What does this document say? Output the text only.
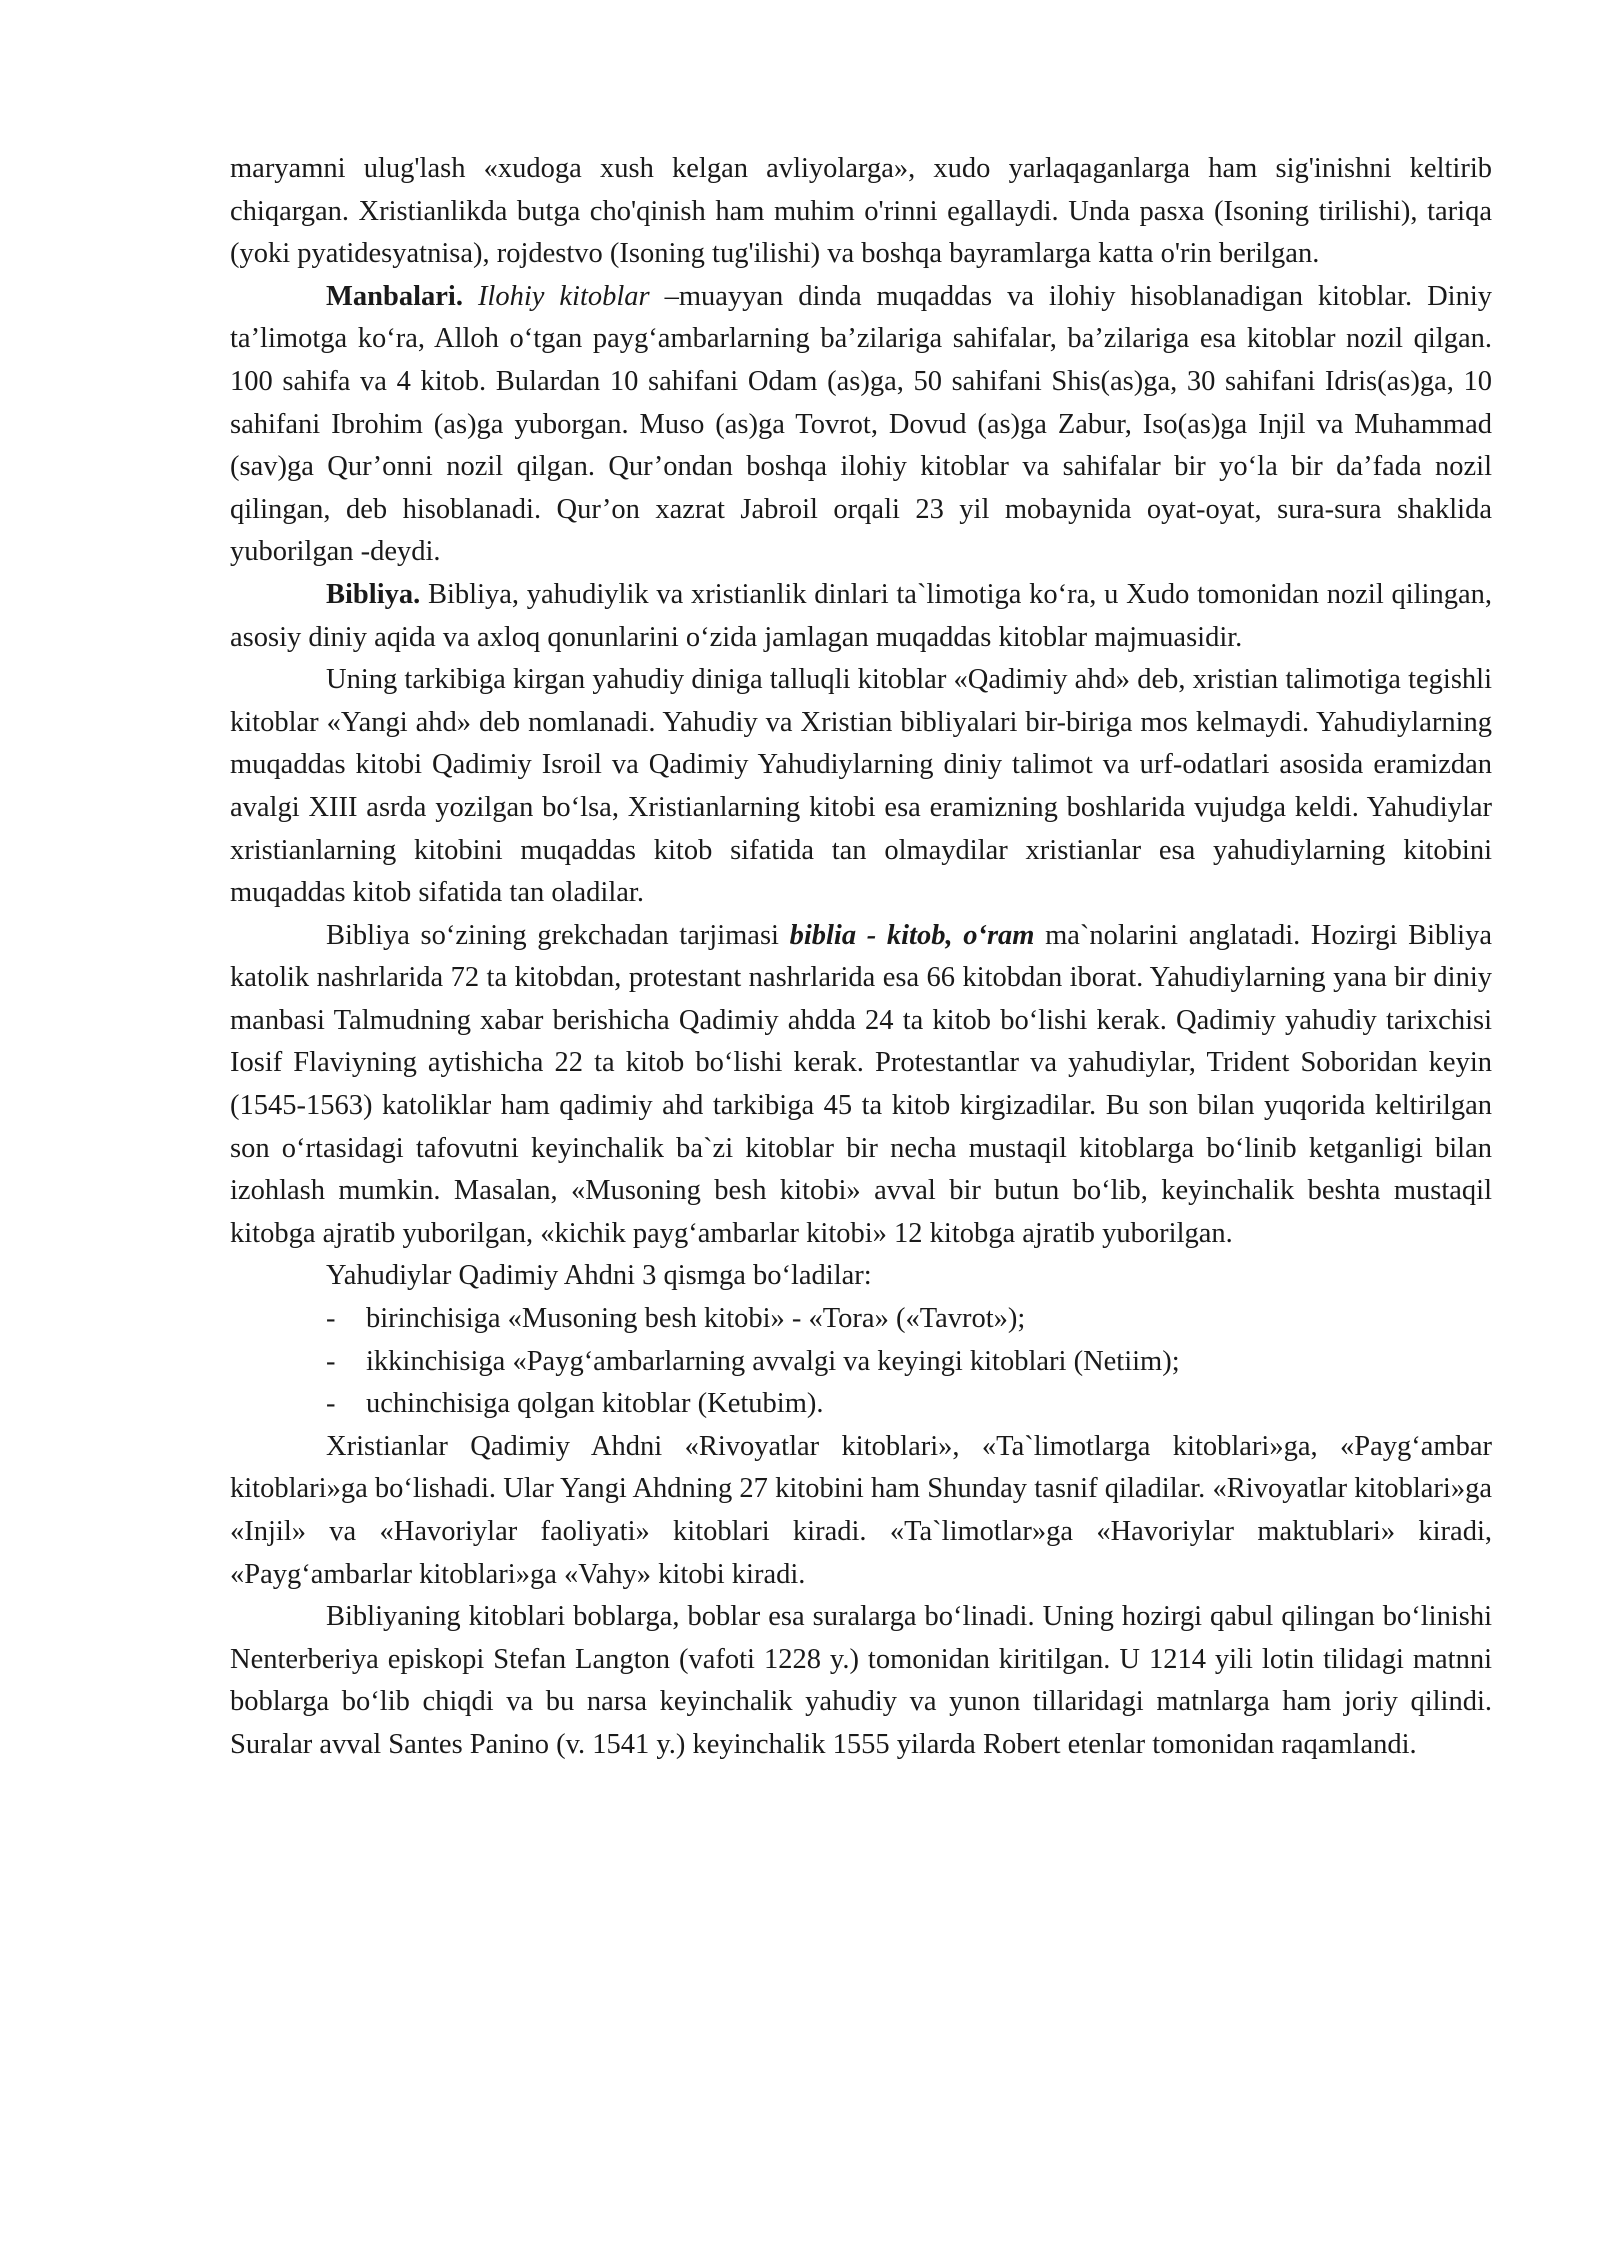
maryamni ulug'lash «xudoga xush kelgan avliyolarga», xudo yarlaqaganlarga ham sig'inishni keltirib chiqargan. Xristianlikda butga cho'qinish ham muhim o'rinni egallaydi. Unda pasxa (Isoning tirilishi), tariqa (yoki pyatidesyatnisa), rojdestvo (Isoning tug'ilishi) va boshqa bayramlarga katta o'rin berilgan.

Manbalari. Ilohiy kitoblar –muayyan dinda muqaddas va ilohiy hisoblanadigan kitoblar. Diniy ta’limotga ko‘ra, Alloh o‘tgan payg‘ambarlarning ba’zilariga sahifalar, ba’zilariga esa kitoblar nozil qilgan. 100 sahifa va 4 kitob. Bulardan 10 sahifani Odam (as)ga, 50 sahifani Shis(as)ga, 30 sahifani Idris(as)ga, 10 sahifani Ibrohim (as)ga yuborgan. Muso (as)ga Tovrot, Dovud (as)ga Zabur, Iso(as)ga Injil va Muhammad (sav)ga Qur’onni nozil qilgan. Qur’ondan boshqa ilohiy kitoblar va sahifalar bir yo‘la bir da’fada nozil qilingan, deb hisoblanadi. Qur’on xazrat Jabroil orqali 23 yil mobaynida oyat-oyat, sura-sura shaklida yuborilgan -deydi.

Bibliya. Bibliya, yahudiylik va xristianlik dinlari ta`limotiga ko‘ra, u Xudo tomonidan nozil qilingan, asosiy diniy aqida va axloq qonunlarini o‘zida jamlagan muqaddas kitoblar majmuasidir.

Uning tarkibiga kirgan yahudiy diniga talluqli kitoblar «Qadimiy ahd» deb, xristian talimotiga tegishli kitoblar «Yangi ahd» deb nomlanadi. Yahudiy va Xristian bibliyalari bir-biriga mos kelmaydi. Yahudiylarning muqaddas kitobi Qadimiy Isroil va Qadimiy Yahudiylarning diniy talimot va urf-odatlari asosida eramizdan avalgi XIII asrda yozilgan bo‘lsa, Xristianlarning kitobi esa eramizning boshlarida vujudga keldi. Yahudiylar xristianlarning kitobini muqaddas kitob sifatida tan olmaydilar xristianlar esa yahudiylarning kitobini muqaddas kitob sifatida tan oladilar.

Bibliya so‘zining grekchadan tarjimasi biblia - kitob, o‘ram ma`nolarini anglatadi. Hozirgi Bibliya katolik nashrlarida 72 ta kitobdan, protestant nashrlarida esa 66 kitobdan iborat. Yahudiylarning yana bir diniy manbasi Talmudning xabar berishicha Qadimiy ahdda 24 ta kitob bo‘lishi kerak. Qadimiy yahudiy tarixchisi Iosif Flaviyning aytishicha 22 ta kitob bo‘lishi kerak. Protestantlar va yahudiylar, Trident Soboridan keyin (1545-1563) katoliklar ham qadimiy ahd tarkibiga 45 ta kitob kirgizadilar. Bu son bilan yuqorida keltirilgan son o‘rtasidagi tafovutni keyinchalik ba`zi kitoblar bir necha mustaqil kitoblarga bo‘linib ketganligi bilan izohlash mumkin. Masalan, «Musoning besh kitobi» avval bir butun bo‘lib, keyinchalik beshta mustaqil kitobga ajratib yuborilgan, «kichik payg‘ambarlar kitobi» 12 kitobga ajratib yuborilgan.

Yahudiylar Qadimiy Ahdni 3 qismga bo‘ladilar:

- birinchisiga «Musoning besh kitobi» - «Tora» («Tavrot»);
- ikkinchisiga «Payg‘ambarlarning avvalgi va keyingi kitoblari (Netiim);
- uchinchisiga qolgan kitoblar (Ketubim).

Xristianlar Qadimiy Ahdni «Rivoyatlar kitoblari», «Ta`limotlarga kitoblari»ga, «Payg‘ambar kitoblari»ga bo‘lishadi. Ular Yangi Ahdning 27 kitobini ham Shunday tasnif qiladilar. «Rivoyatlar kitoblari»ga «Injil» va «Havoriylar faoliyati» kitoblari kiradi. «Ta`limotlar»ga «Havoriylar maktublari» kiradi, «Payg‘ambarlar kitoblari»ga «Vahy» kitobi kiradi.

Bibliyaning kitoblari boblarga, boblar esa suralarga bo‘linadi. Uning hozirgi qabul qilingan bo‘linishi Nenterberiya episkopi Stefan Langton (vafoti 1228 y.) tomonidan kiritilgan. U 1214 yili lotin tilidagi matnni boblarga bo‘lib chiqdi va bu narsa keyinchalik yahudiy va yunon tillaridagi matnlarga ham joriy qilindi. Suralar avval Santes Panino (v. 1541 y.) keyinchalik 1555 yilarda Robert etenlar tomonidan raqamlandi.
